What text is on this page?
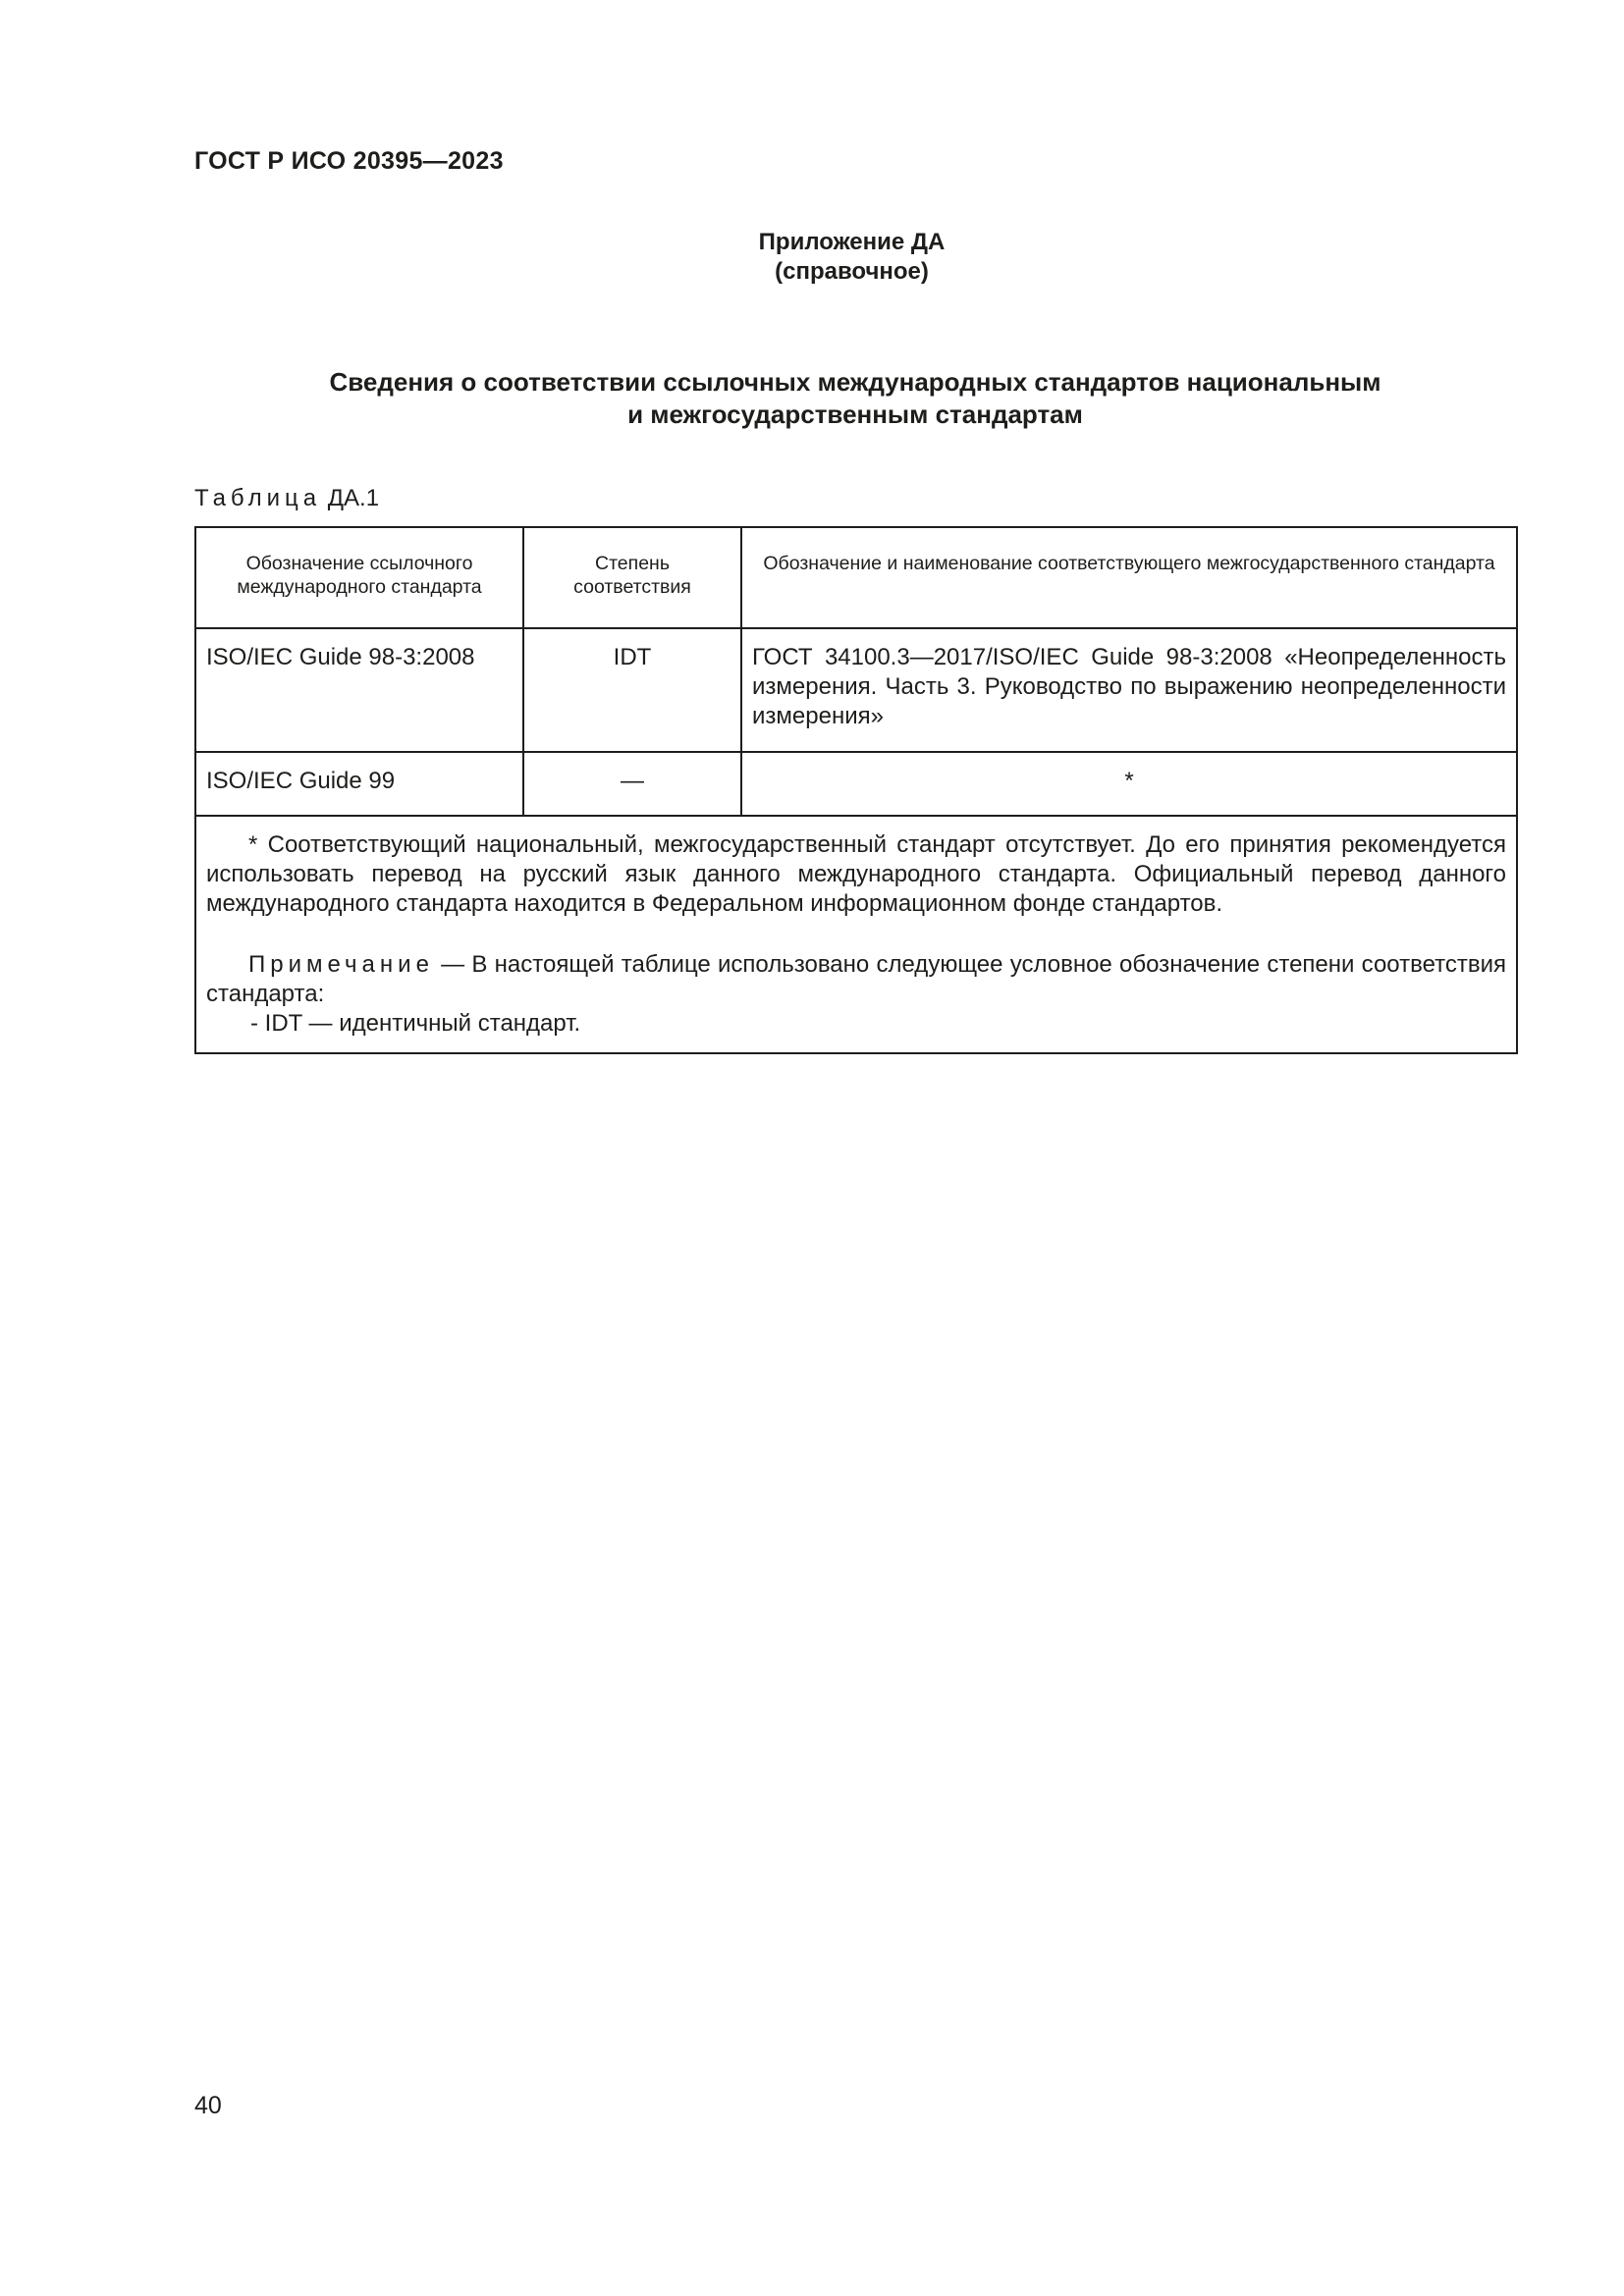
ГОСТ Р ИСО 20395—2023
Приложение ДА
(справочное)
Сведения о соответствии ссылочных международных стандартов национальным
и межгосударственным стандартам
Таблица ДА.1
Обозначение ссылочного международного стандарта	Степень соответствия	Обозначение и наименование соответствующего межгосударственного стандарта
ISO/IEC Guide 98-3:2008	IDT	ГОСТ 34100.3—2017/ISO/IEC Guide 98-3:2008 «Неопределенность измерения. Часть 3. Руководство по выражению неопределенности измерения»
ISO/IEC Guide 99	—	*

* Соответствующий национальный, межгосударственный стандарт отсутствует. До его принятия рекомендуется использовать перевод на русский язык данного международного стандарта. Официальный перевод данного международного стандарта находится в Федеральном информационном фонде стандартов.

Примечание — В настоящей таблице использовано следующее условное обозначение степени соответствия стандарта:

- IDT — идентичный стандарт.		

40
